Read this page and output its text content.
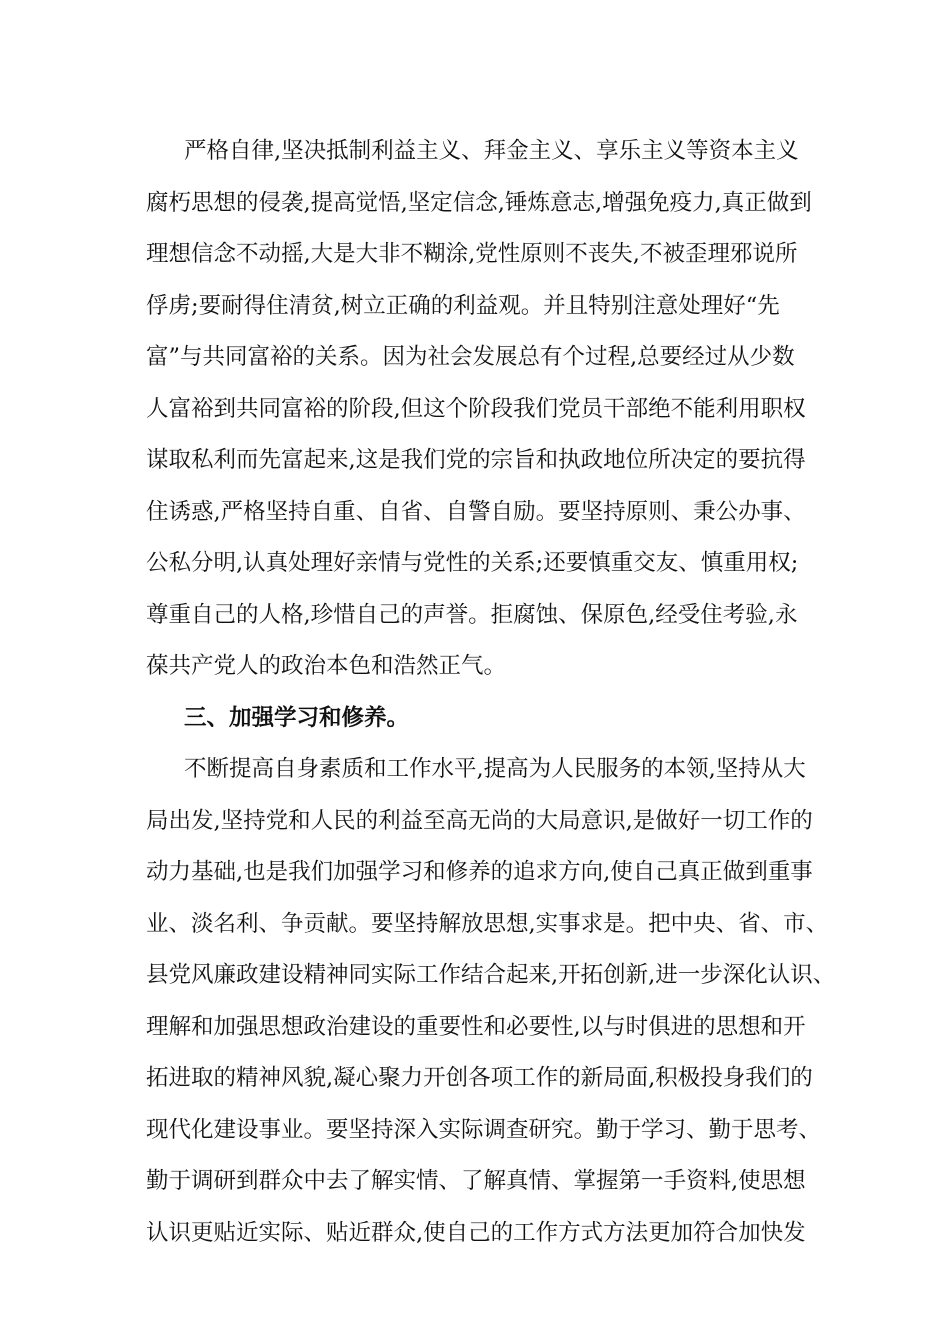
严格自律,坚决抵制利益主义、拜金主义、享乐主义等资本主义
腐朽思想的侵袭,提高觉悟,坚定信念,锤炼意志,增强免疫力,真正做到
理想信念不动摇,大是大非不糊涂,党性原则不丧失,不被歪理邪说所
俘虏;要耐得住清贫,树立正确的利益观。并且特别注意处理好“先
富”与共同富裕的关系。因为社会发展总有个过程,总要经过从少数
人富裕到共同富裕的阶段,但这个阶段我们党员干部绝不能利用职权
谋取私利而先富起来,这是我们党的宗旨和执政地位所决定的要抗得
住诱惑,严格坚持自重、自省、自警自励。要坚持原则、秉公办事、
公私分明,认真处理好亲情与党性的关系;还要慎重交友、慎重用权;
尊重自己的人格,珍惜自己的声誉。拒腐蚀、保原色,经受住考验,永
葆共产党人的政治本色和浩然正气。
三、加强学习和修养。
不断提高自身素质和工作水平,提高为人民服务的本领,坚持从大
局出发,坚持党和人民的利益至高无尚的大局意识,是做好一切工作的
动力基础,也是我们加强学习和修养的追求方向,使自己真正做到重事
业、淡名利、争贡献。要坚持解放思想,实事求是。把中央、省、市、
县党风廉政建设精神同实际工作结合起来,开拓创新,进一步深化认识、
理解和加强思想政治建设的重要性和必要性,以与时俱进的思想和开
拓进取的精神风貌,凝心聚力开创各项工作的新局面,积极投身我们的
现代化建设事业。要坚持深入实际调查研究。勤于学习、勤于思考、
勤于调研到群众中去了解实情、了解真情、掌握第一手资料,使思想
认识更贴近实际、贴近群众,使自己的工作方式方法更加符合加快发
